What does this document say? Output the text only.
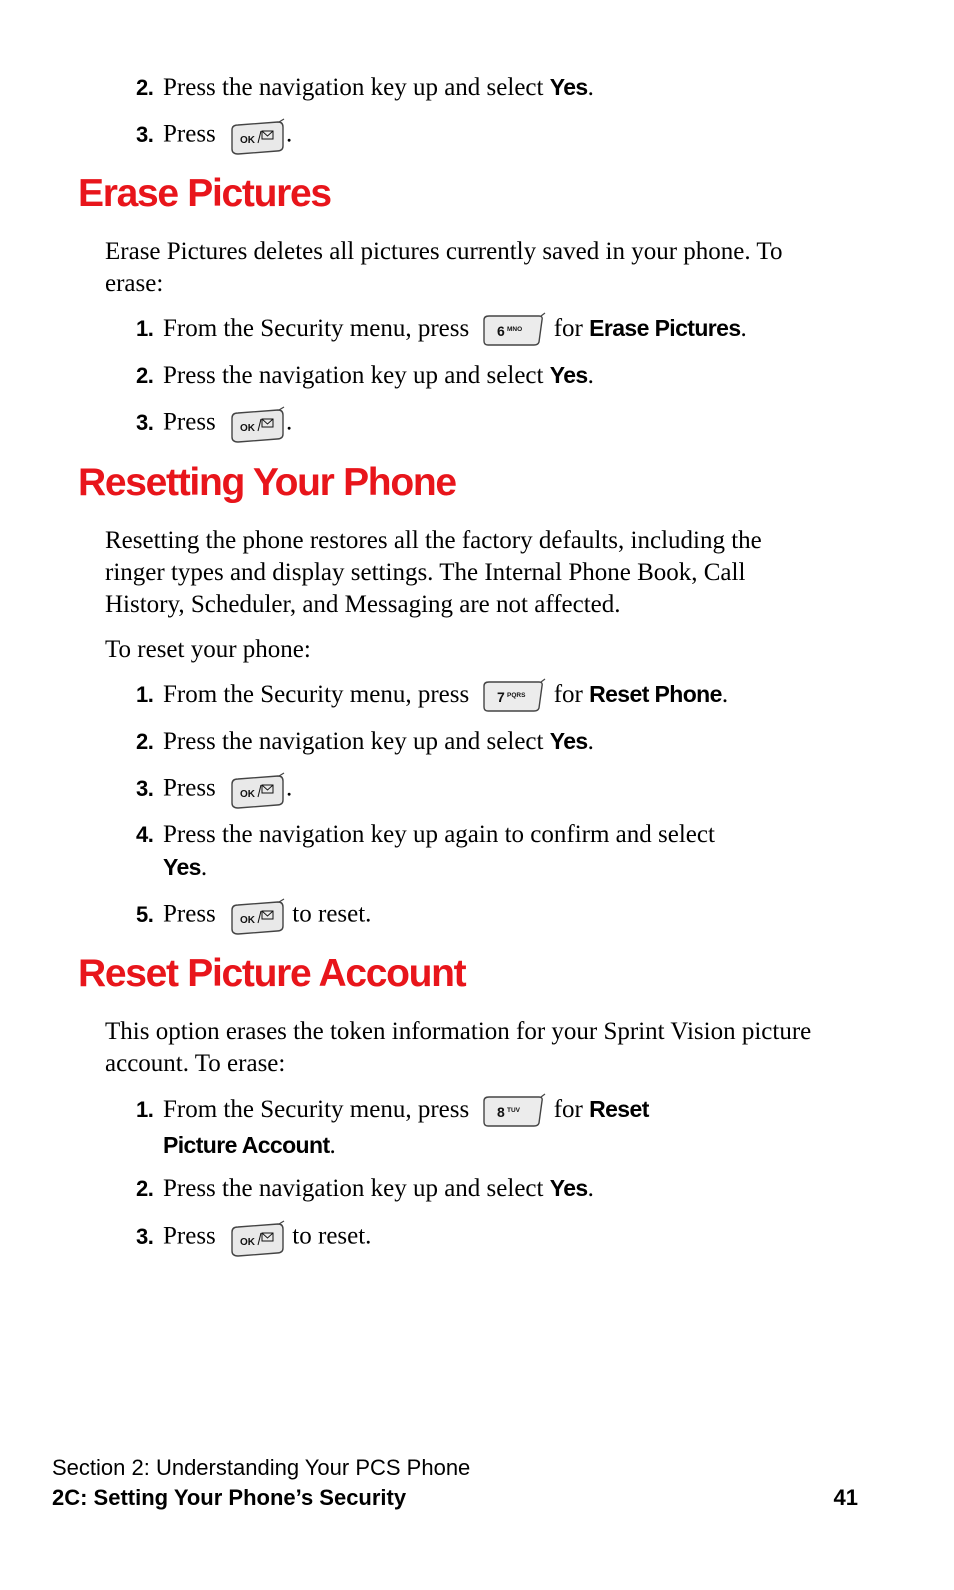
2. Press the navigation key up and select Yes.
3. Press OK .
Erase Pictures

Erase Pictures deletes all pictures currently saved in your phone. To erase:

1. From the Security menu, press 6 MNO for Erase Pictures.
2. Press the navigation key up and select Yes.
3. Press OK .
Resetting Your Phone

Resetting the phone restores all the factory defaults, including the ringer types and display settings. The Internal Phone Book, Call History, Scheduler, and Messaging are not affected.

To reset your phone:

1. From the Security menu, press 7 PQRS for Reset Phone.
2. Press the navigation key up and select Yes.
3. Press OK .
4. Press the navigation key up again to confirm and select
Yes.
5. Press OK to reset.
Reset Picture Account

This option erases the token information for your Sprint Vision picture account. To erase:

1. From the Security menu, press 8 TUV for Reset
Picture Account.
2. Press the navigation key up and select Yes.
3. Press OK to reset.
Section 2: Understanding Your PCS Phone
2C: Setting Your Phone’s Security	41
